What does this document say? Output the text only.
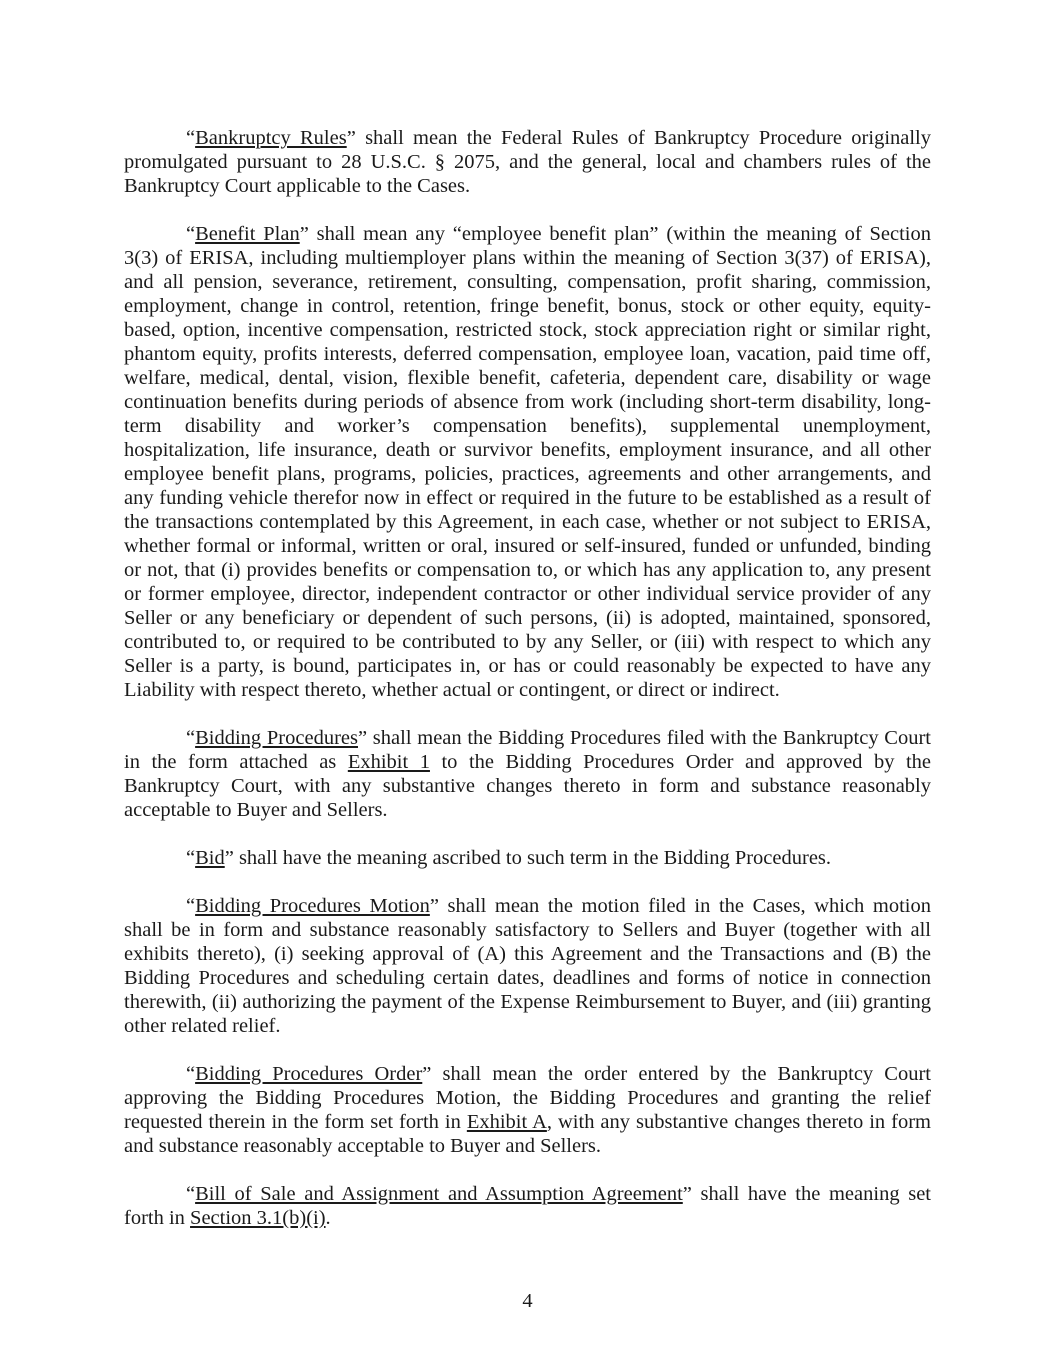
“Bankruptcy Rules” shall mean the Federal Rules of Bankruptcy Procedure originally promulgated pursuant to 28 U.S.C. § 2075, and the general, local and chambers rules of the Bankruptcy Court applicable to the Cases.

“Benefit Plan” shall mean any “employee benefit plan” (within the meaning of Section 3(3) of ERISA, including multiemployer plans within the meaning of Section 3(37) of ERISA), and all pension, severance, retirement, consulting, compensation, profit sharing, commission, employment, change in control, retention, fringe benefit, bonus, stock or other equity, equity-based, option, incentive compensation, restricted stock, stock appreciation right or similar right, phantom equity, profits interests, deferred compensation, employee loan, vacation, paid time off, welfare, medical, dental, vision, flexible benefit, cafeteria, dependent care, disability or wage continuation benefits during periods of absence from work (including short-term disability, long-term disability and worker’s compensation benefits), supplemental unemployment, hospitalization, life insurance, death or survivor benefits, employment insurance, and all other employee benefit plans, programs, policies, practices, agreements and other arrangements, and any funding vehicle therefor now in effect or required in the future to be established as a result of the transactions contemplated by this Agreement, in each case, whether or not subject to ERISA, whether formal or informal, written or oral, insured or self-insured, funded or unfunded, binding or not, that (i) provides benefits or compensation to, or which has any application to, any present or former employee, director, independent contractor or other individual service provider of any Seller or any beneficiary or dependent of such persons, (ii) is adopted, maintained, sponsored, contributed to, or required to be contributed to by any Seller, or (iii) with respect to which any Seller is a party, is bound, participates in, or has or could reasonably be expected to have any Liability with respect thereto, whether actual or contingent, or direct or indirect.

“Bidding Procedures” shall mean the Bidding Procedures filed with the Bankruptcy Court in the form attached as Exhibit 1 to the Bidding Procedures Order and approved by the Bankruptcy Court, with any substantive changes thereto in form and substance reasonably acceptable to Buyer and Sellers.

“Bid” shall have the meaning ascribed to such term in the Bidding Procedures.

“Bidding Procedures Motion” shall mean the motion filed in the Cases, which motion shall be in form and substance reasonably satisfactory to Sellers and Buyer (together with all exhibits thereto), (i) seeking approval of (A) this Agreement and the Transactions and (B) the Bidding Procedures and scheduling certain dates, deadlines and forms of notice in connection therewith, (ii) authorizing the payment of the Expense Reimbursement to Buyer, and (iii) granting other related relief.

“Bidding Procedures Order” shall mean the order entered by the Bankruptcy Court approving the Bidding Procedures Motion, the Bidding Procedures and granting the relief requested therein in the form set forth in Exhibit A, with any substantive changes thereto in form and substance reasonably acceptable to Buyer and Sellers.

“Bill of Sale and Assignment and Assumption Agreement” shall have the meaning set forth in Section 3.1(b)(i).

4
